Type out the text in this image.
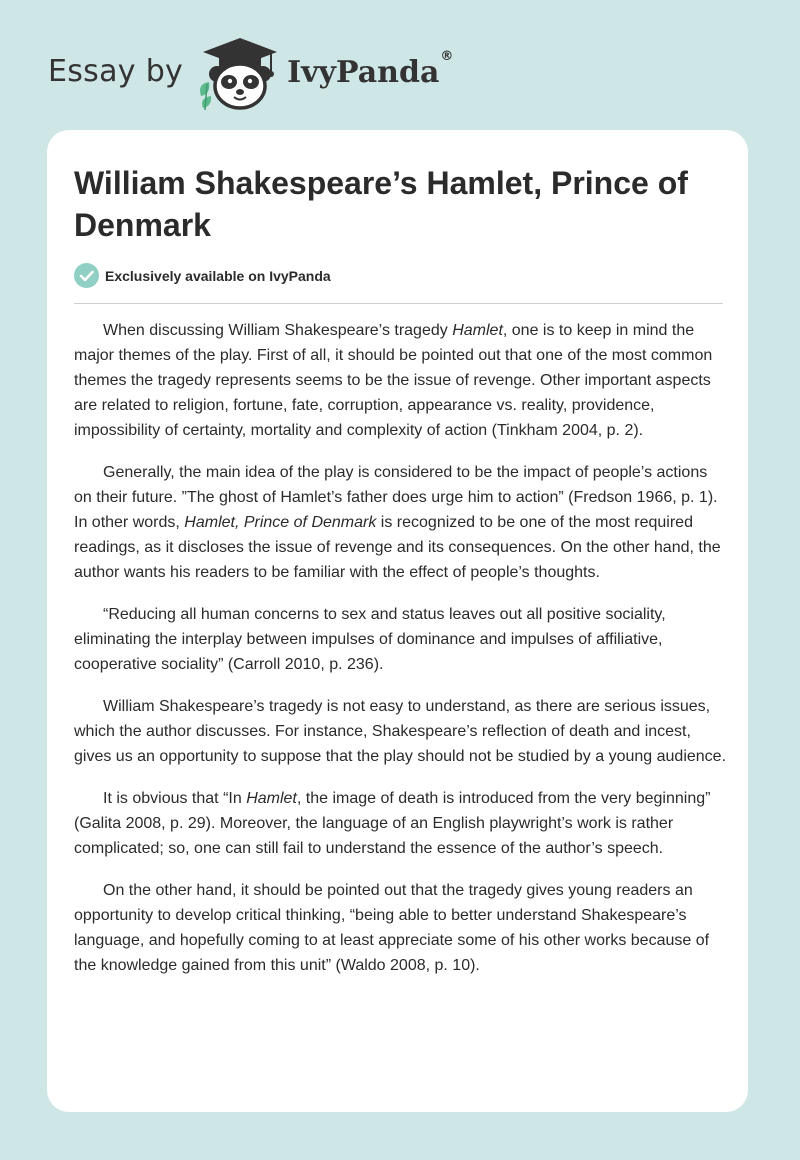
Essay by	IvyPanda®
William Shakespeare’s Hamlet, Prince of Denmark
Exclusively available on IvyPanda

When discussing William Shakespeare’s tragedy Hamlet, one is to keep in mind the major themes of the play. First of all, it should be pointed out that one of the most common themes the tragedy represents seems to be the issue of revenge. Other important aspects are related to religion, fortune, fate, corruption, appearance vs. reality, providence, impossibility of certainty, mortality and complexity of action (Tinkham 2004, p. 2).

Generally, the main idea of the play is considered to be the impact of people’s actions on their future. ”The ghost of Hamlet’s father does urge him to action” (Fredson 1966, p. 1). In other words, Hamlet, Prince of Denmark is recognized to be one of the most required readings, as it discloses the issue of revenge and its consequences. On the other hand, the author wants his readers to be familiar with the effect of people’s thoughts.

“Reducing all human concerns to sex and status leaves out all positive sociality, eliminating the interplay between impulses of dominance and impulses of affiliative, cooperative sociality” (Carroll 2010, p. 236).

William Shakespeare’s tragedy is not easy to understand, as there are serious issues, which the author discusses. For instance, Shakespeare’s reflection of death and incest, gives us an opportunity to suppose that the play should not be studied by a young audience.

It is obvious that “In Hamlet, the image of death is introduced from the very beginning” (Galita 2008, p. 29). Moreover, the language of an English playwright’s work is rather complicated; so, one can still fail to understand the essence of the author’s speech.

On the other hand, it should be pointed out that the tragedy gives young readers an opportunity to develop critical thinking, “being able to better understand Shakespeare’s language, and hopefully coming to at least appreciate some of his other works because of the knowledge gained from this unit” (Waldo 2008, p. 10).
